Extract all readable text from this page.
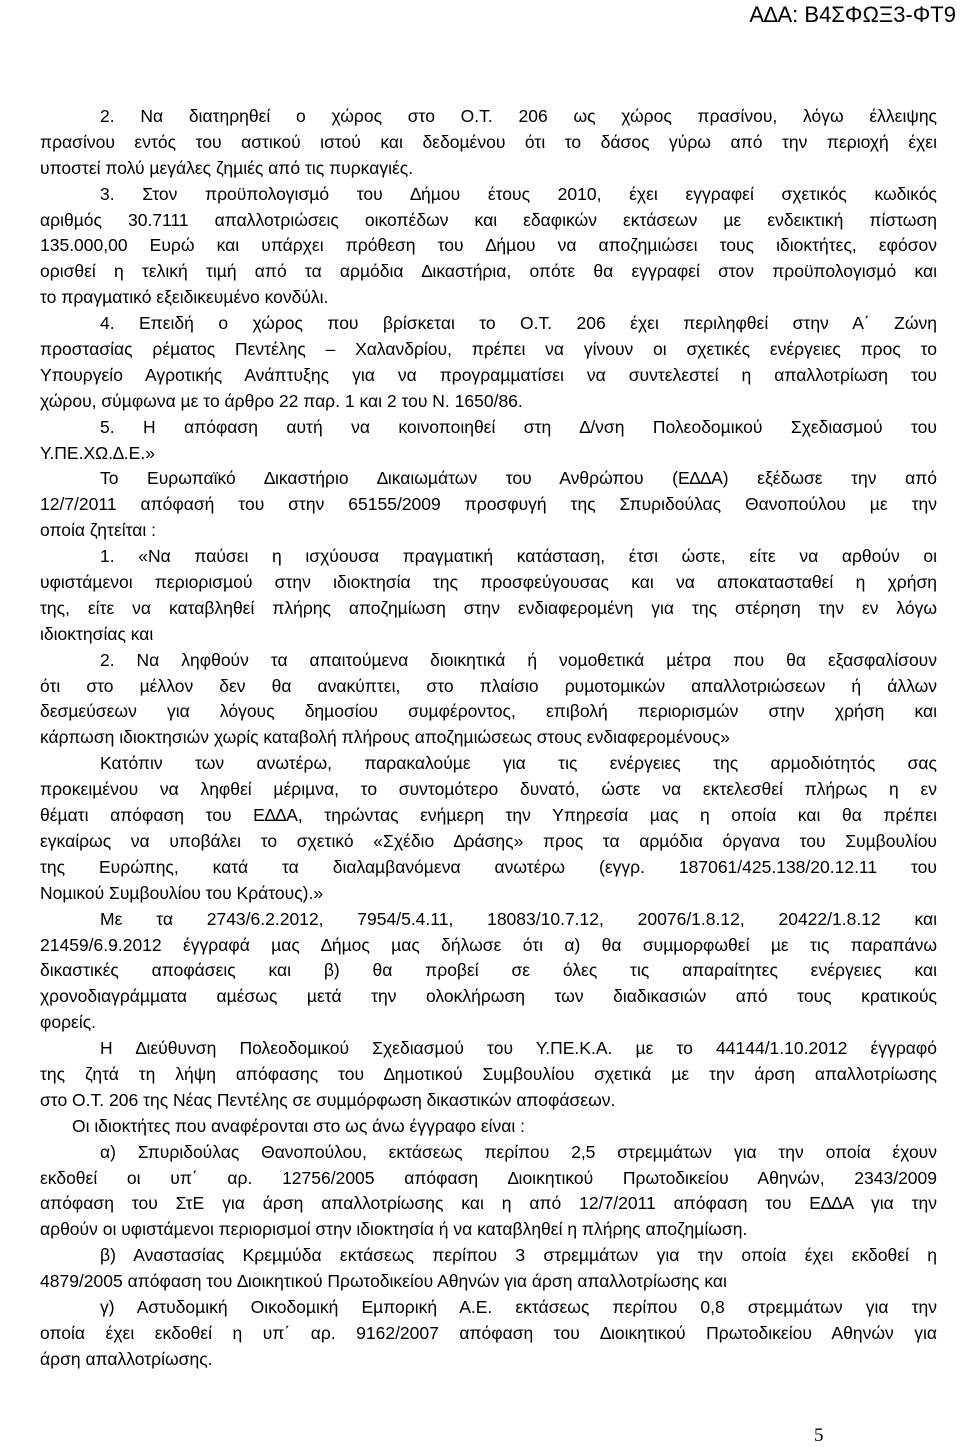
Α∆Α: Β4ΣΦΩΞ3-ΦΤ9
2. Να διατηρηθεί ο χώρος στο Ο.Τ. 206 ως χώρος πρασίνου, λόγω έλλειψης
πρασίνου εντός του αστικού ιστού και δεδοµένου ότι το δάσος γύρω από την περιοχή έχει
υποστεί πολύ µεγάλες ζηµιές από τις πυρκαγιές.
3. Στον προϋπολογισµό του ∆ήµου έτους 2010, έχει εγγραφεί σχετικός κωδικός
αριθµός 30.7111 απαλλοτριώσεις οικοπέδων και εδαφικών εκτάσεων µε ενδεικτική πίστωση
135.000,00 Ευρώ και υπάρχει πρόθεση του ∆ήµου να αποζηµιώσει τους ιδιοκτήτες, εφόσον
ορισθεί η τελική τιµή από τα αρµόδια ∆ικαστήρια, οπότε θα εγγραφεί στον προϋπολογισµό και
το πραγµατικό εξειδικευµένο κονδύλι.
4. Επειδή ο χώρος που βρίσκεται το Ο.Τ. 206 έχει περιληφθεί στην Α΄ Ζώνη
προστασίας ρέµατος Πεντέλης – Χαλανδρίου, πρέπει να γίνουν οι σχετικές ενέργειες προς το
Υπουργείο Αγροτικής Ανάπτυξης για να προγραµµατίσει να συντελεστεί η απαλλοτρίωση του
χώρου, σύµφωνα µε το άρθρο 22 παρ. 1 και 2 του Ν. 1650/86.
5. Η απόφαση αυτή να κοινοποιηθεί στη ∆/νση Πολεοδοµικού Σχεδιασµού του
Υ.ΠΕ.ΧΩ.∆.Ε.»
Το Ευρωπαϊκό ∆ικαστήριο ∆ικαιωµάτων του Ανθρώπου (Ε∆∆Α) εξέδωσε την από
12/7/2011 απόφασή του στην 65155/2009 προσφυγή της Σπυριδούλας Θανοπούλου µε την
οποία ζητείται :
1. «Να παύσει η ισχύουσα πραγµατική κατάσταση, έτσι ώστε, είτε να αρθούν οι
υφιστάµενοι περιορισµού στην ιδιοκτησία της προσφεύγουσας και να αποκατασταθεί η χρήση
της, είτε να καταβληθεί πλήρης αποζηµίωση στην ενδιαφερoµένη για της στέρηση την εν λόγω
ιδιοκτησίας και
2. Να ληφθούν τα απαιτούµενα διοικητικά ή νοµοθετικά µέτρα που θα εξασφαλίσουν
ότι στο µέλλον δεν θα ανακύπτει, στο πλαίσιο ρυµοτοµικών απαλλοτριώσεων ή άλλων
δεσµεύσεων για λόγους δηµοσίου συµφέροντος, επιβολή περιορισµών στην χρήση και
κάρπωση ιδιοκτησιών χωρίς καταβολή πλήρους αποζηµιώσεως στους ενδιαφεροµένους»
Κατόπιν των ανωτέρω, παρακαλούµε για τις ενέργειες της αρµοδιότητός σας
προκειµένου να ληφθεί µέριµνα, το συντοµότερο δυνατό, ώστε να εκτελεσθεί πλήρως η εν
θέµατι απόφαση του Ε∆∆Α, τηρώντας ενήµερη την Υπηρεσία µας η οποία και θα πρέπει
εγκαίρως να υποβάλει το σχετικό «Σχέδιο ∆ράσης» προς τα αρµόδια όργανα του Συµβουλίου
της Ευρώπης, κατά τα διαλαµβανόµενα ανωτέρω (εγγρ. 187061/425.138/20.12.11 του
Νοµικού Συµβουλίου του Κράτους).»
Με τα 2743/6.2.2012, 7954/5.4.11, 18083/10.7.12, 20076/1.8.12, 20422/1.8.12 και
21459/6.9.2012 έγγραφά µας ∆ήµος µας δήλωσε ότι α) θα συµµορφωθεί µε τις παραπάνω
δικαστικές αποφάσεις και β) θα προβεί σε όλες τις απαραίτητες ενέργειες και
χρονοδιαγράµµατα αµέσως µετά την ολοκλήρωση των διαδικασιών από τους κρατικούς
φορείς.
Η ∆ιεύθυνση Πολεοδοµικού Σχεδιασµού του Υ.ΠΕ.Κ.Α. µε το 44144/1.10.2012 έγγραφό
της ζητά τη λήψη απόφασης του ∆ηµοτικού Συµβουλίου σχετικά µε την άρση απαλλοτρίωσης
στο Ο.Τ. 206 της Νέας Πεντέλης σε συµµόρφωση δικαστικών αποφάσεων.
Οι ιδιοκτήτες που αναφέρονται στο ως άνω έγγραφο είναι :
α) Σπυριδούλας Θανοπούλου, εκτάσεως περίπου 2,5 στρεµµάτων για την οποία έχουν
εκδοθεί οι υπ΄ αρ. 12756/2005 απόφαση ∆ιοικητικού Πρωτοδικείου Αθηνών, 2343/2009
απόφαση του ΣτΕ για άρση απαλλοτρίωσης και η από 12/7/2011 απόφαση του Ε∆∆Α για την
αρθούν οι υφιστάµενοι περιορισµοί στην ιδιοκτησία ή να καταβληθεί η πλήρης αποζηµίωση.
β) Αναστασίας Κρεµµύδα εκτάσεως περίπου 3 στρεµµάτων για την οποία έχει εκδοθεί η
4879/2005 απόφαση του ∆ιοικητικού Πρωτοδικείου Αθηνών για άρση απαλλοτρίωσης και
γ) Αστυδοµική Οικοδοµική Εµπορική Α.Ε. εκτάσεως περίπου 0,8 στρεµµάτων για την
οποία έχει εκδοθεί η υπ΄ αρ. 9162/2007 απόφαση του ∆ιοικητικού Πρωτοδικείου Αθηνών για
άρση απαλλοτρίωσης.
5
